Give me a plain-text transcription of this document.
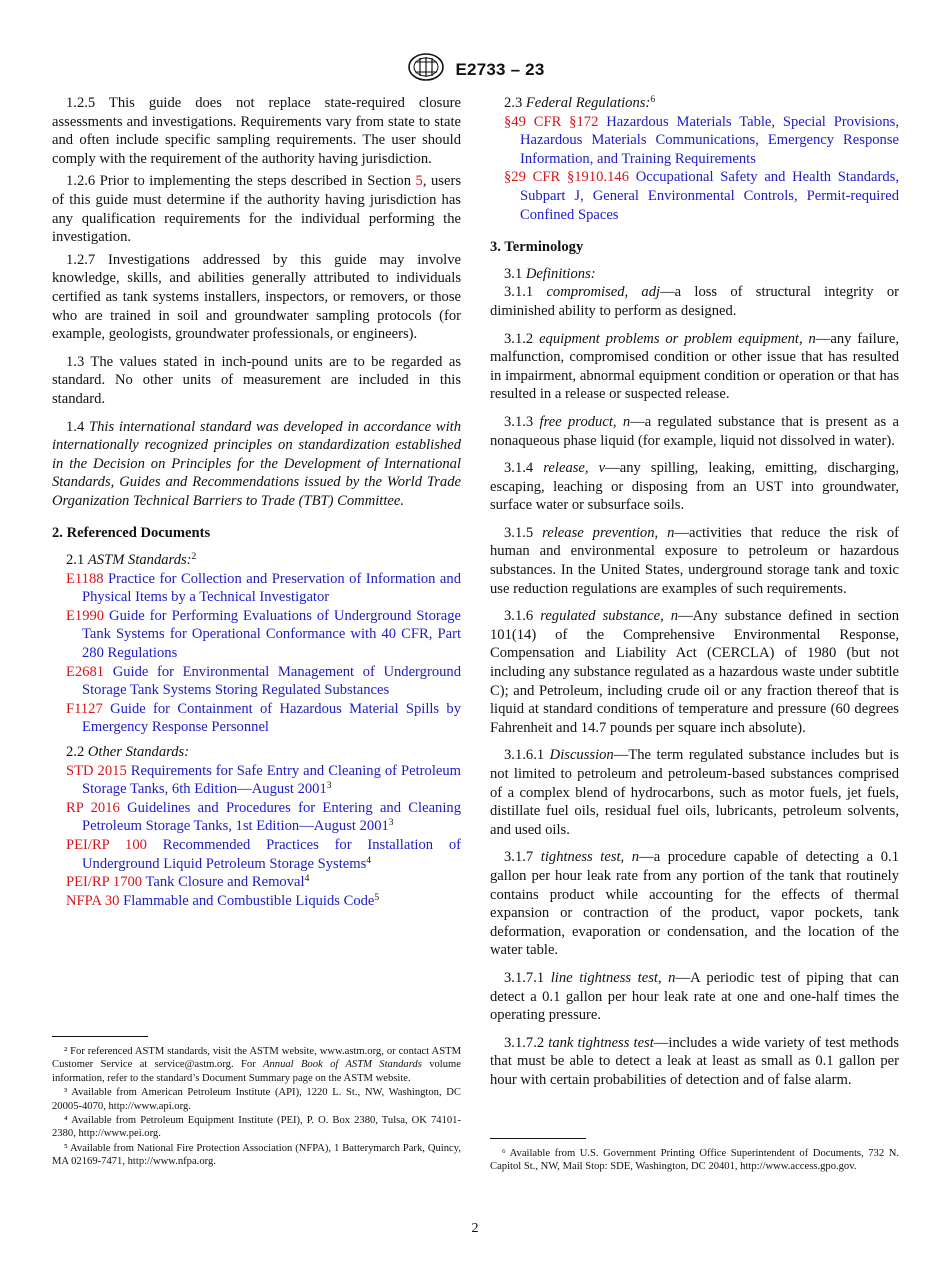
E2733 – 23

1.2.5 This guide does not replace state-required closure assessments and investigations. Requirements vary from state to state and often include specific sampling requirements. The user should comply with the requirement of the authority having jurisdiction.

1.2.6 Prior to implementing the steps described in Section 5, users of this guide must determine if the authority having jurisdiction has any qualification requirements for the individual performing the investigation.

1.2.7 Investigations addressed by this guide may involve knowledge, skills, and abilities generally attributed to individuals certified as tank systems installers, inspectors, or removers, or those who are trained in soil and groundwater sampling protocols (for example, geologists, groundwater professionals, or engineers).

1.3 The values stated in inch-pound units are to be regarded as standard. No other units of measurement are included in this standard.

1.4 This international standard was developed in accordance with internationally recognized principles on standardization established in the Decision on Principles for the Development of International Standards, Guides and Recommendations issued by the World Trade Organization Technical Barriers to Trade (TBT) Committee.

2. Referenced Documents

2.1 ASTM Standards:$^2$

E1188 Practice for Collection and Preservation of Information and Physical Items by a Technical Investigator

E1990 Guide for Performing Evaluations of Underground Storage Tank Systems for Operational Conformance with 40 CFR, Part 280 Regulations

E2681 Guide for Environmental Management of Underground Storage Tank Systems Storing Regulated Substances

F1127 Guide for Containment of Hazardous Material Spills by Emergency Response Personnel

2.2 Other Standards:

STD 2015 Requirements for Safe Entry and Cleaning of Petroleum Storage Tanks, 6th Edition—August 2001$^3$

RP 2016 Guidelines and Procedures for Entering and Cleaning Petroleum Storage Tanks, 1st Edition—August 2001$^3$

PEI/RP 100 Recommended Practices for Installation of Underground Liquid Petroleum Storage Systems$^4$

PEI/RP 1700 Tank Closure and Removal$^4$

NFPA 30 Flammable and Combustible Liquids Code$^5$

² For referenced ASTM standards, visit the ASTM website, www.astm.org, or contact ASTM Customer Service at service@astm.org. For Annual Book of ASTM Standards volume information, refer to the standard’s Document Summary page on the ASTM website.

³ Available from American Petroleum Institute (API), 1220 L. St., NW, Washington, DC 20005-4070, http://www.api.org.

⁴ Available from Petroleum Equipment Institute (PEI), P. O. Box 2380, Tulsa, OK 74101-2380, http://www.pei.org.

⁵ Available from National Fire Protection Association (NFPA), 1 Batterymarch Park, Quincy, MA 02169-7471, http://www.nfpa.org.

2.3 Federal Regulations:$^6$

§49 CFR §172 Hazardous Materials Table, Special Provisions, Hazardous Materials Communications, Emergency Response Information, and Training Requirements

§29 CFR §1910.146 Occupational Safety and Health Standards, Subpart J, General Environmental Controls, Permit-required Confined Spaces

3. Terminology

3.1 Definitions:

3.1.1 compromised, adj—a loss of structural integrity or diminished ability to perform as designed.

3.1.2 equipment problems or problem equipment, n—any failure, malfunction, compromised condition or other issue that has resulted in impairment, abnormal equipment condition or operation or that has resulted in a release or suspected release.

3.1.3 free product, n—a regulated substance that is present as a nonaqueous phase liquid (for example, liquid not dissolved in water).

3.1.4 release, v—any spilling, leaking, emitting, discharging, escaping, leaching or disposing from an UST into groundwater, surface water or subsurface soils.

3.1.5 release prevention, n—activities that reduce the risk of human and environmental exposure to petroleum or hazardous substances. In the United States, underground storage tank and toxic use reduction regulations are examples of such requirements.

3.1.6 regulated substance, n—Any substance defined in section 101(14) of the Comprehensive Environmental Response, Compensation and Liability Act (CERCLA) of 1980 (but not including any substance regulated as a hazardous waste under subtitle C); and Petroleum, including crude oil or any fraction thereof that is liquid at standard conditions of temperature and pressure (60 degrees Fahrenheit and 14.7 pounds per square inch absolute).

3.1.6.1 Discussion—The term regulated substance includes but is not limited to petroleum and petroleum-based substances comprised of a complex blend of hydrocarbons, such as motor fuels, jet fuels, distillate fuel oils, residual fuel oils, lubricants, petroleum solvents, and used oils.

3.1.7 tightness test, n—a procedure capable of detecting a 0.1 gallon per hour leak rate from any portion of the tank that routinely contains product while accounting for the effects of thermal expansion or contraction of the product, vapor pockets, tank deformation, evaporation or condensation, and the location of the water table.

3.1.7.1 line tightness test, n—A periodic test of piping that can detect a 0.1 gallon per hour leak rate at one and one-half times the operating pressure.

3.1.7.2 tank tightness test—includes a wide variety of test methods that must be able to detect a leak at least as small as 0.1 gallon per hour with certain probabilities of detection and of false alarm.

⁶ Available from U.S. Government Printing Office Superintendent of Documents, 732 N. Capitol St., NW, Mail Stop: SDE, Washington, DC 20401, http://www.access.gpo.gov.

2
